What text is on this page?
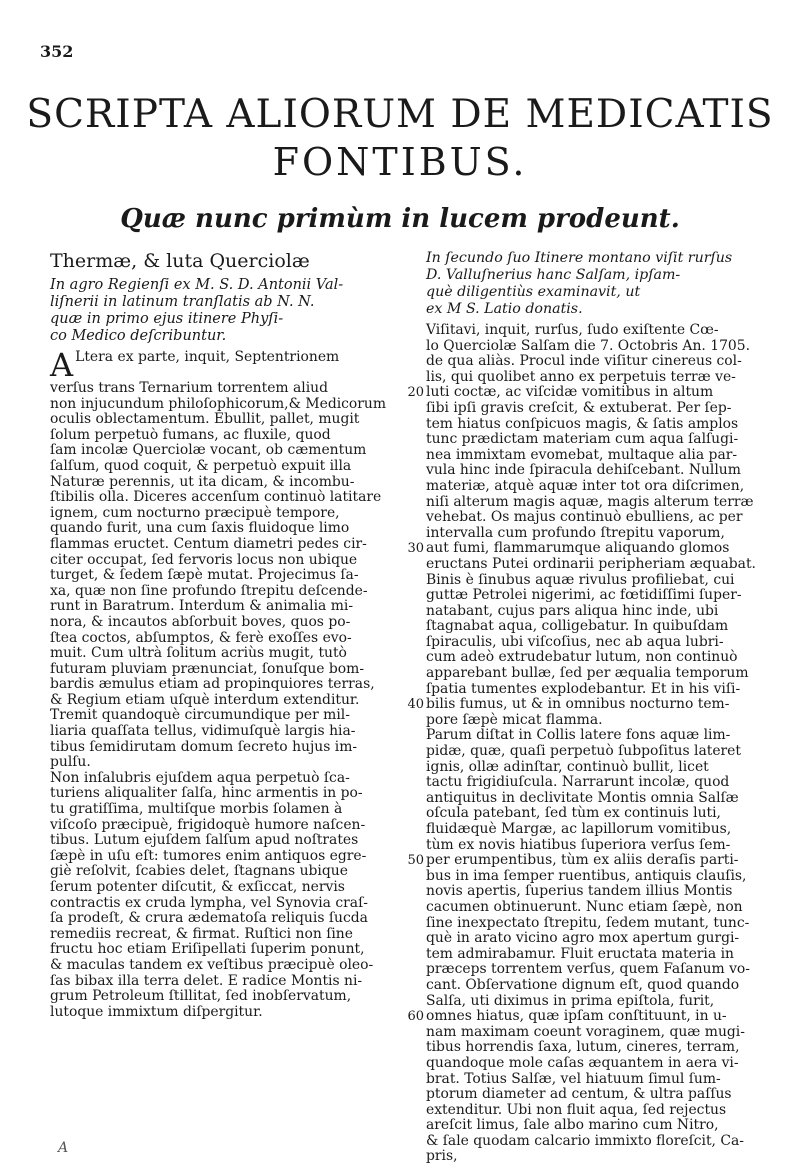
352
SCRIPTA ALIORUM DE MEDICATIS
FONTIBUS.
Quæ nunc primùm in lucem prodeunt.
Thermæ, & luta Querciolæ
In agro Regienſi ex M. S. D. Antonii Val-
liſnerii in latinum tranſlatis ab N. N.
quæ in primo ejus itinere Phyſi-
co Medico deſcribuntur.
A Ltera ex parte, inquit, Septentrionem
verſus trans Ternarium torrentem aliud
non injucundum philoſophicorum,& Medicorum
oculis oblectamentum. Ebullit, pallet, mugit
ſolum perpetuò fumans, ac fluxile, quod
ſam incolæ Querciolæ vocant, ob cæmentum
ſalſum, quod coquit, & perpetuò expuit illa
Naturæ perennis, ut ita dicam, & incombu-
ſtibilis olla. Diceres accenſum continuò latitare
ignem, cum nocturno præcipuè tempore,
quando furit, una cum ſaxis fluidoque limo
flammas eructet. Centum diametri pedes cir-
citer occupat, ſed fervoris locus non ubique
turget, & ſedem ſæpè mutat. Projecimus ſa-
xa, quæ non ſine profundo ſtrepitu deſcende-
runt in Baratrum. Interdum & animalia mi-
nora, & incautos abſorbuit boves, quos po-
ſtea coctos, abſumptos, & ferè exoſſes evo-
muit. Cum ultrà ſolitum acriùs mugit, tutò
futuram pluviam prænunciat, ſonuſque bom-
bardis æmulus etiam ad propinquiores terras,
& Regium etiam uſquè interdum extenditur.
Tremit quandoquè circumundique per mil-
liaria quaſſata tellus, vidimuſquè largis hia-
tibus ſemidirutam domum ſecreto hujus im-
pulſu.
Non inſalubris ejuſdem aqua perpetuò ſca-
turiens aliqualiter ſalſa, hinc armentis in po-
tu gratiſſima, multiſque morbis ſolamen à
viſcoſo præcipuè, frigidoquè humore naſcen-
tibus. Lutum ejuſdem ſalſum apud noſtrates
ſæpè in uſu eſt: tumores enim antiquos egre-
giè reſolvit, ſcabies delet, ſtagnans ubique
ſerum potenter diſcutit, & exſiccat, nervis
contractis ex cruda lympha, vel Synovia craſ-
ſa prodeſt, & crura ædematoſa reliquis ſucda
remediis recreat, & firmat. Ruſtici non ſine
fructu hoc etiam Eriſipellati ſuperim ponunt,
& maculas tandem ex veſtibus præcipuè oleo-
ſas bibax illa terra delet. E radice Montis ni-
grum Petroleum ſtillitat, ſed inobſervatum,
lutoque immixtum diſpergitur.
In ſecundo ſuo Itinere montano viſit rurſus
D. Vallиſnerius hanc Salſam, ipſam-
què diligentiùs examinavit, ut
ex M S. Latio donatis.
Viſitavi, inquit, rurſus, ſudo exiſtente Cœ-
lo Querciolæ Salſam die 7. Octobris An. 1705.
de qua aliàs. Procul inde viſitur cinereus col-
lis, qui quolibet anno ex perpetuis terræ ve-
20 luti coctæ, ac viſcidæ vomitibus in altum
ſibi ipſi gravis creſcit, & extuberat. Per ſep-
tem hiatus conſpicuos magis, & ſatis amplos
tunc prædictam materiam cum aqua ſalſugi-
nea immixtam evomebat, multaque alia par-
vula hinc inde ſpiracula dehiſcebant. Nullum
materiæ, atquè aquæ inter tot ora diſcrimen,
niſi alterum magis aquæ, magis alterum terræ
vehebat. Os majus continuò ebulliens, ac per
intervalla cum profundo ſtrepitu vaporum,
30 aut fumi, flammarumque aliquando glomos
eructans Putei ordinarii peripheriam æquabat.
Binis è ſinubus aquæ rivulus profiliebat, cui
guttæ Petrolei nigerimi, ac fœtidiſſimi ſuper-
natabant, cujus pars aliqua hinc inde, ubi
ſtagnabat aqua, colligebatur. In quibuſdam
ſpiraculis, ubi viſcoſius, nec ab aqua lubri-
cum adeò extrudebatur lutum, non continuò
apparebant bullæ, ſed per æqualia temporum
ſpatia tumentes explodebantur. Et in his viſi-
40 bilis fumus, ut & in omnibus nocturno tem-
pore ſæpè micat flamma.
Parum diſtat in Collis latere fons aquæ lim-
pidæ, quæ, quaſi perpetuò ſubpoſitus lateret
ignis, ollæ adinſtar, continuò bullit, licet
tactu frigidiuſcula. Narrarunt incolæ, quod
antiquitus in declivitate Montis omnia Salſæ
oſcula patebant, ſed tùm ex continuis luti,
fluidæquè Margæ, ac lapillorum vomitibus,
tùm ex novis hiatibus ſuperiora verſus ſem-
50 per erumpentibus, tùm ex aliis deraſis parti-
bus in ima ſemper ruentibus, antiquis clauſis,
novis apertis, ſuperius tandem illius Montis
cacumen obtinuerunt. Nunc etiam ſæpè, non
ſine inexpectato ſtrepitu, ſedem mutant, tunc-
què in arato vicino agro mox apertum gurgi-
tem admirabamur. Fluit eructata materia in
præceps torrentem verſus, quem Faſanum vo-
cant. Obſervatione dignum eſt, quod quando
Salſa, uti diximus in prima epiſtola, furit,
60 omnes hiatus, quæ ipſam conſtituunt, in u-
nam maximam coeunt voraginem, quæ mugi-
tibus horrendis ſaxa, lutum, cineres, terram,
quandoque mole caſas æquantem in aera vi-
brat. Totius Salſæ, vel hiatuum ſimul ſum-
ptorum diameter ad centum, & ultra paſſus
extenditur. Ubi non fluit aqua, ſed rejectus
areſcit limus, ſale albo marino cum Nitro,
& ſale quodam calcario immixto floreſcit, Ca-
pris,
A
